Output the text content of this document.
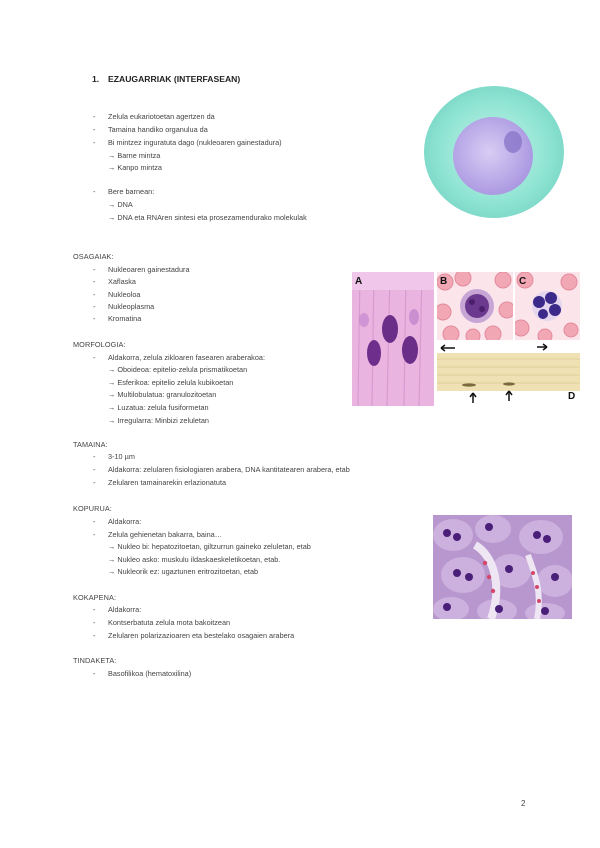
1. EZAUGARRIAK (INTERFASEAN)
- Zelula eukariotoetan agertzen da
- Tamaina handiko organulua da
- Bi mintzez inguratuta dago (nukleoaren gainestadura)
→ Barne mintza
→ Kanpo mintza
- Bere barnean:
→ DNA
→ DNA eta RNAren sintesi eta prosezamendurako molekulak
OSAGAIAK:
- Nukleoaren gainestadura
- Xaflaska
- Nukleoloa
- Nukleoplasma
- Kromatina
A	B	C
D
MORFOLOGIA:
- Aldakorra, zelula zikloaren fasearen araberakoa:
→ Oboideoa: epitelio-zelula prismatikoetan
→ Esferikoa: epitelio zelula kubikoetan
→ Multilobulatua: granulozitoetan
→ Luzatua: zelula fusiformetan
→ Irregularra: Minbizi zeluletan
TAMAINA:
- 3-10 µm
- Aldakorra: zelularen fisiologiaren arabera, DNA kantitatearen arabera, etab
- Zelularen tamainarekin erlazionatuta
KOPURUA:
- Aldakorra:
- Zelula gehienetan bakarra, baina…
→ Nukleo bi: hepatozitoetan, giltzurrun gaineko zeluletan, etab
→ Nukleo asko: muskulu ildaskaeskeletikoetan, etab.
→ Nukleorik ez: ugaztunen eritrozitoetan, etab
KOKAPENA:
- Aldakorra:
- Kontserbatuta zelula mota bakoitzean
- Zelularen polarizazioaren eta bestelako osagaien arabera
TINDAKETA:
- Basofilikoa (hematoxilina)
2
